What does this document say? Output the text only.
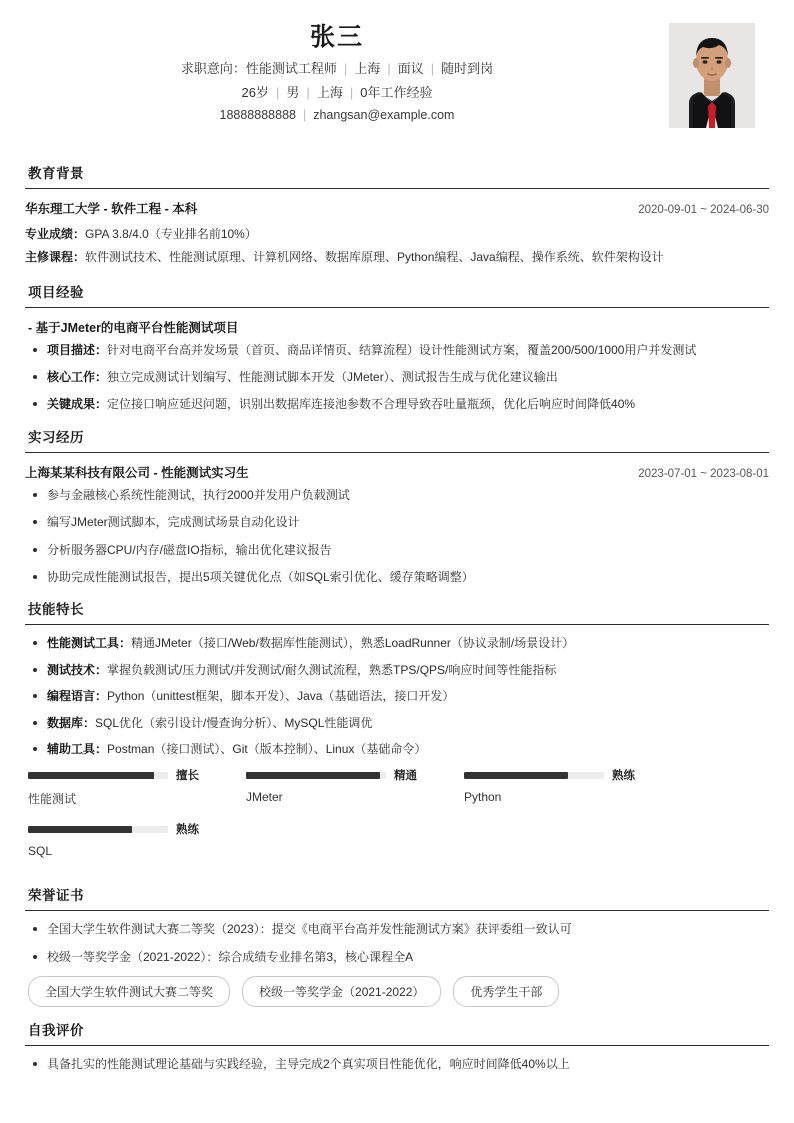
张三
求职意向：性能测试工程师 | 上海 | 面议 | 随时到岗
26岁 | 男 | 上海 | 0年工作经验
18888888888 | zhangsan@example.com
教育背景
华东理工大学 - 软件工程 - 本科	2020-09-01 ~ 2024-06-30
专业成绩：GPA 3.8/4.0（专业排名前10%）
主修课程：软件测试技术、性能测试原理、计算机网络、数据库原理、Python编程、Java编程、操作系统、软件架构设计
项目经验
- 基于JMeter的电商平台性能测试项目
项目描述：针对电商平台高并发场景（首页、商品详情页、结算流程）设计性能测试方案，覆盖200/500/1000用户并发测试
核心工作：独立完成测试计划编写、性能测试脚本开发（JMeter）、测试报告生成与优化建议输出
关键成果：定位接口响应延迟问题，识别出数据库连接池参数不合理导致吞吐量瓶颈，优化后响应时间降低40%
实习经历
上海某某科技有限公司 - 性能测试实习生	2023-07-01 ~ 2023-08-01
参与金融核心系统性能测试，执行2000并发用户负载测试
编写JMeter测试脚本，完成测试场景自动化设计
分析服务器CPU/内存/磁盘IO指标，输出优化建议报告
协助完成性能测试报告，提出5项关键优化点（如SQL索引优化、缓存策略调整）
技能特长
性能测试工具：精通JMeter（接口/Web/数据库性能测试），熟悉LoadRunner（协议录制/场景设计）
测试技术：掌握负载测试/压力测试/并发测试/耐久测试流程，熟悉TPS/QPS/响应时间等性能指标
编程语言：Python（unittest框架，脚本开发）、Java（基础语法，接口开发）
数据库：SQL优化（索引设计/慢查询分析）、MySQL性能调优
辅助工具：Postman（接口测试）、Git（版本控制）、Linux（基础命令）
擅长
性能测试
精通
JMeter
熟练
Python
熟练
SQL
荣誉证书
全国大学生软件测试大赛二等奖（2023）：提交《电商平台高并发性能测试方案》获评委组一致认可
校级一等奖学金（2021-2022）：综合成绩专业排名第3，核心课程全A
全国大学生软件测试大赛二等奖	校级一等奖学金（2021-2022）	优秀学生干部
自我评价
具备扎实的性能测试理论基础与实践经验，主导完成2个真实项目性能优化，响应时间降低40%以上
